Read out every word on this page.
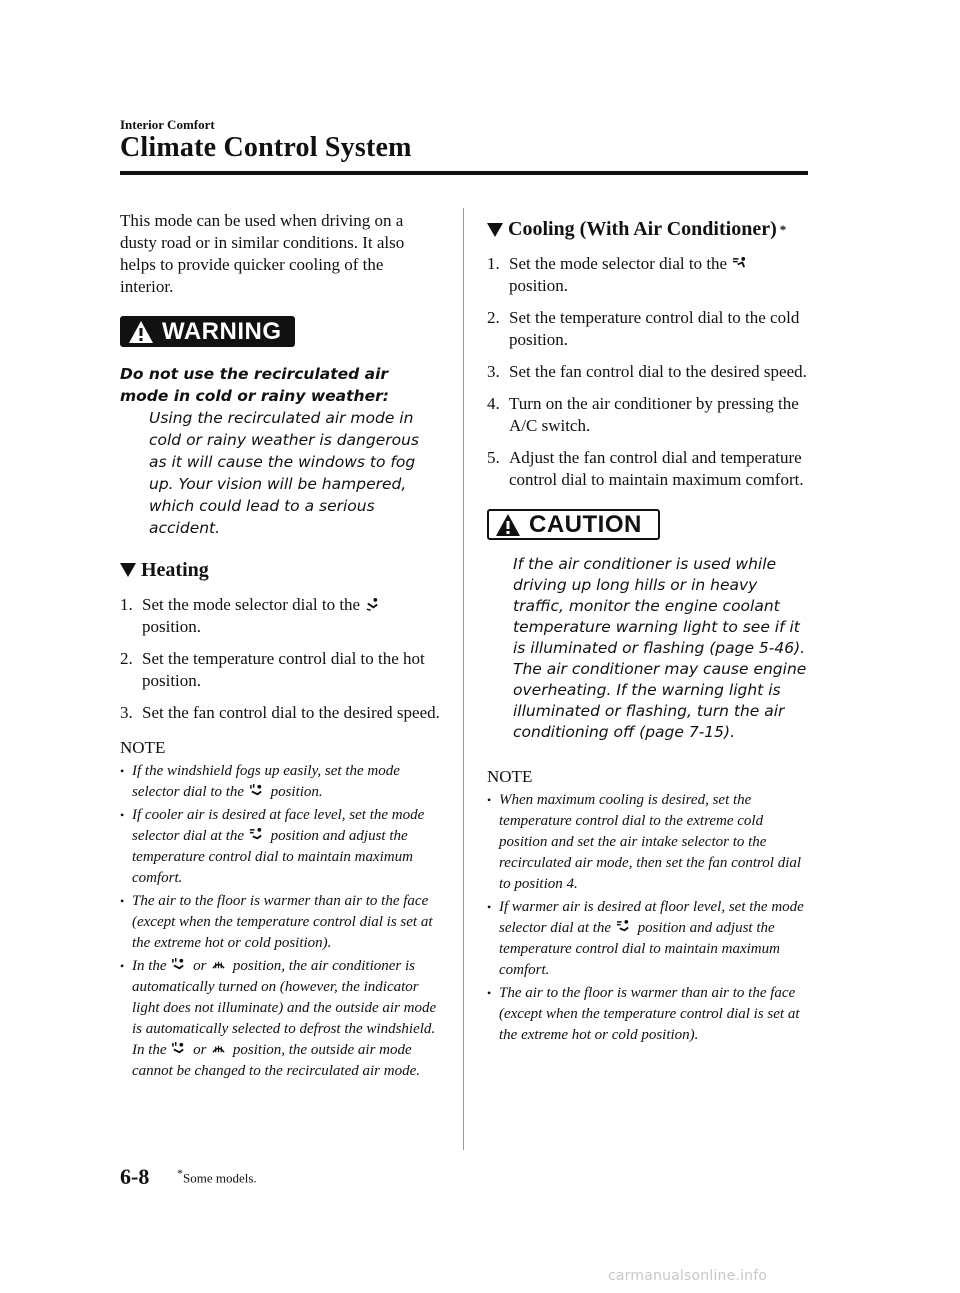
Interior Comfort
Climate Control System

This mode can be used when driving on a dusty road or in similar conditions. It also helps to provide quicker cooling of the interior.

WARNING
Do not use the recirculated air mode in cold or rainy weather:
Using the recirculated air mode in cold or rainy weather is dangerous as it will cause the windows to fog up. Your vision will be hampered, which could lead to a serious accident.
Heating
1. Set the mode selector dial to the
position.
2. Set the temperature control dial to the hot position.
3. Set the fan control dial to the desired speed.
NOTE
• If the windshield fogs up easily, set the mode selector dial to the position.
• If cooler air is desired at face level, set the mode selector dial at the position and adjust the temperature control dial to maintain maximum comfort.
• The air to the floor is warmer than air to the face (except when the temperature control dial is set at the extreme hot or cold position).
• In the or position, the air conditioner is automatically turned on (however, the indicator light does not illuminate) and the outside air mode is automatically selected to defrost the windshield.
In the or position, the outside air mode cannot be changed to the recirculated air mode.
Cooling (With Air Conditioner) *
1. Set the mode selector dial to the
position.
2. Set the temperature control dial to the cold position.
3. Set the fan control dial to the desired speed.
4. Turn on the air conditioner by pressing the A/C switch.
5. Adjust the fan control dial and temperature control dial to maintain maximum comfort.
CAUTION
If the air conditioner is used while driving up long hills or in heavy traffic, monitor the engine coolant temperature warning light to see if it is illuminated or flashing (page 5-46).
The air conditioner may cause engine overheating. If the warning light is illuminated or flashing, turn the air conditioning off (page 7-15).
NOTE
• When maximum cooling is desired, set the temperature control dial to the extreme cold position and set the air intake selector to the recirculated air mode, then set the fan control dial to position 4.
• If warmer air is desired at floor level, set the mode selector dial at the position and adjust the temperature control dial to maintain maximum comfort.
• The air to the floor is warmer than air to the face (except when the temperature control dial is set at the extreme hot or cold position).
6-8 *Some models.
carmanualsonline.info
